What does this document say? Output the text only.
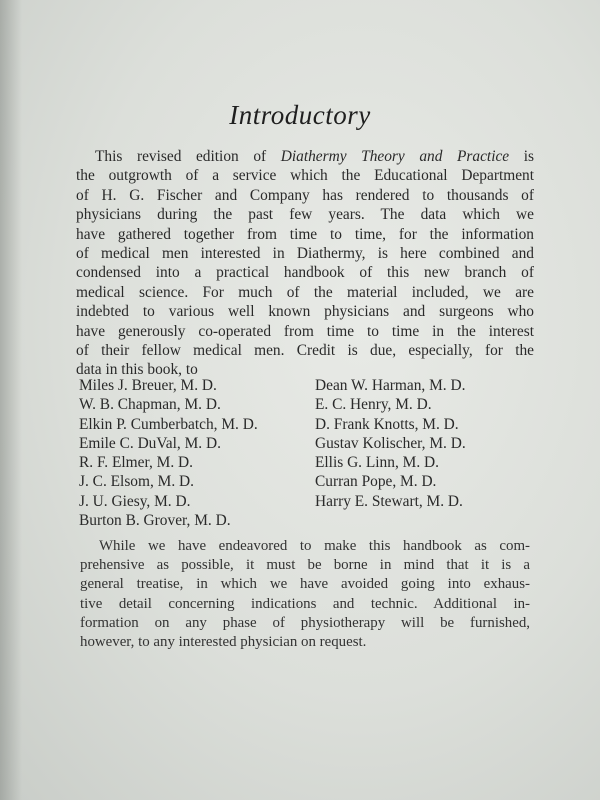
Introductory
This revised edition of Diathermy Theory and Practice is
the outgrowth of a service which the Educational Department
of H. G. Fischer and Company has rendered to thousands of
physicians during the past few years. The data which we
have gathered together from time to time, for the information
of medical men interested in Diathermy, is here combined and
condensed into a practical handbook of this new branch of
medical science. For much of the material included, we are
indebted to various well known physicians and surgeons who
have generously co-operated from time to time in the interest
of their fellow medical men. Credit is due, especially, for the
data in this book, to
Miles J. Breuer, M. D.
W. B. Chapman, M. D.
Elkin P. Cumberbatch, M. D.
Emile C. DuVal, M. D.
R. F. Elmer, M. D.
J. C. Elsom, M. D.
J. U. Giesy, M. D.
Burton B. Grover, M. D.
Dean W. Harman, M. D.
E. C. Henry, M. D.
D. Frank Knotts, M. D.
Gustav Kolischer, M. D.
Ellis G. Linn, M. D.
Curran Pope, M. D.
Harry E. Stewart, M. D.
While we have endeavored to make this handbook as com-
prehensive as possible, it must be borne in mind that it is a
general treatise, in which we have avoided going into exhaus-
tive detail concerning indications and technic. Additional in-
formation on any phase of physiotherapy will be furnished,
however, to any interested physician on request.
